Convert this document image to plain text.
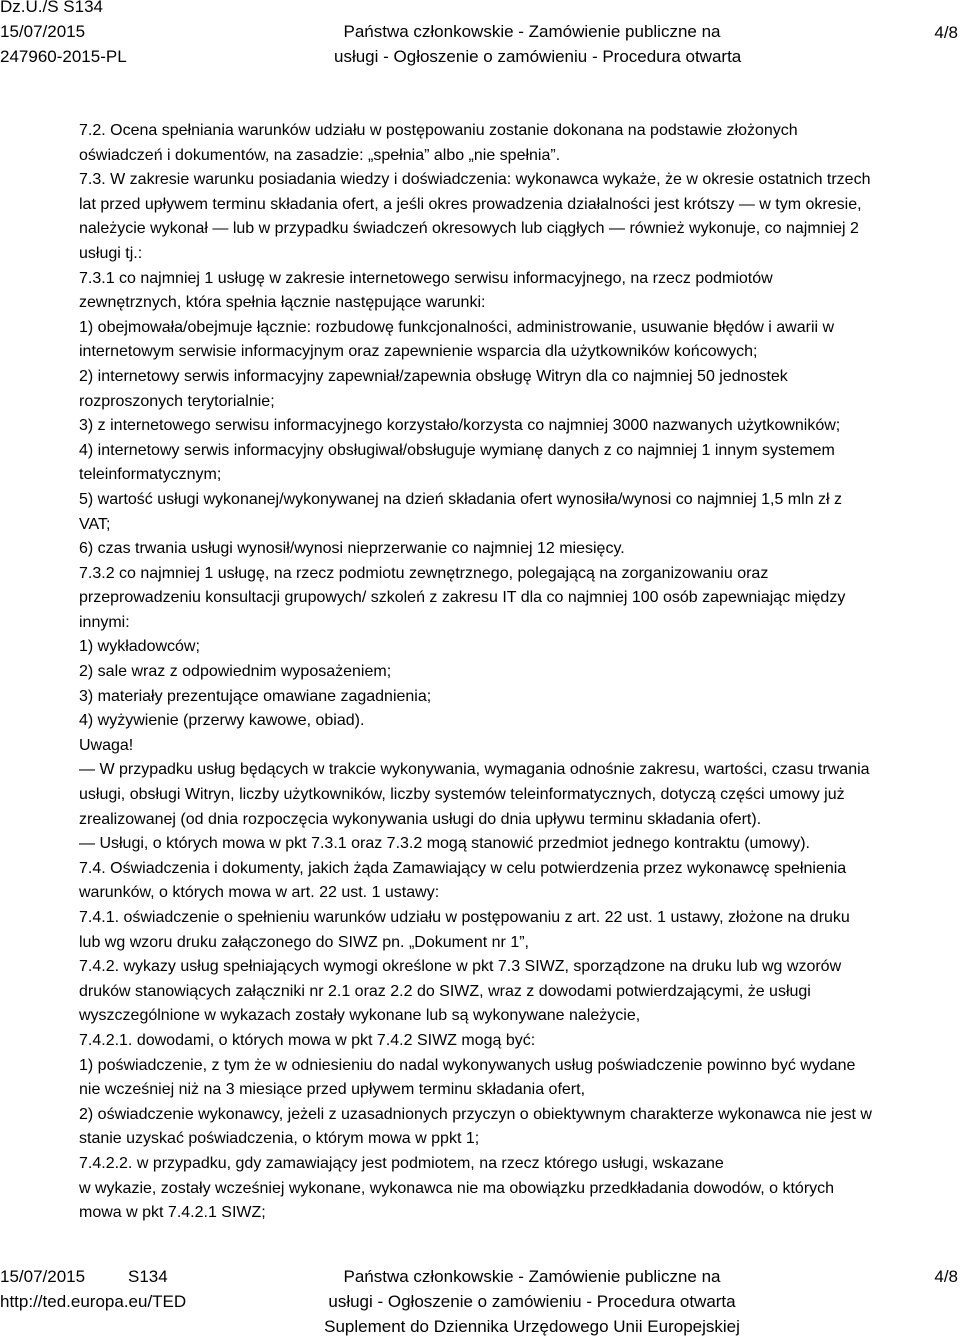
Dz.U./S S134
15/07/2015
247960-2015-PL
Państwa członkowskie - Zamówienie publiczne na
usługi - Ogłoszenie o zamówieniu - Procedura otwarta
4/8

7.2. Ocena spełniania warunków udziału w postępowaniu zostanie dokonana na podstawie złożonych

oświadczeń i dokumentów, na zasadzie: „spełnia” albo „nie spełnia”.

7.3. W zakresie warunku posiadania wiedzy i doświadczenia: wykonawca wykaże, że w okresie ostatnich trzech

lat przed upływem terminu składania ofert, a jeśli okres prowadzenia działalności jest krótszy — w tym okresie,

należycie wykonał — lub w przypadku świadczeń okresowych lub ciągłych — również wykonuje, co najmniej 2

usługi tj.:

7.3.1 co najmniej 1 usługę w zakresie internetowego serwisu informacyjnego, na rzecz podmiotów

zewnętrznych, która spełnia łącznie następujące warunki:

1) obejmowała/obejmuje łącznie: rozbudowę funkcjonalności, administrowanie, usuwanie błędów i awarii w

internetowym serwisie informacyjnym oraz zapewnienie wsparcia dla użytkowników końcowych;

2) internetowy serwis informacyjny zapewniał/zapewnia obsługę Witryn dla co najmniej 50 jednostek

rozproszonych terytorialnie;

3) z internetowego serwisu informacyjnego korzystało/korzysta co najmniej 3000 nazwanych użytkowników;

4) internetowy serwis informacyjny obsługiwał/obsługuje wymianę danych z co najmniej 1 innym systemem

teleinformatycznym;

5) wartość usługi wykonanej/wykonywanej na dzień składania ofert wynosiła/wynosi co najmniej 1,5 mln zł z

VAT;

6) czas trwania usługi wynosił/wynosi nieprzerwanie co najmniej 12 miesięcy.

7.3.2 co najmniej 1 usługę, na rzecz podmiotu zewnętrznego, polegającą na zorganizowaniu oraz

przeprowadzeniu konsultacji grupowych/ szkoleń z zakresu IT dla co najmniej 100 osób zapewniając między

innymi:

1) wykładowców;

2) sale wraz z odpowiednim wyposażeniem;

3) materiały prezentujące omawiane zagadnienia;

4) wyżywienie (przerwy kawowe, obiad).

Uwaga!

— W przypadku usług będących w trakcie wykonywania, wymagania odnośnie zakresu, wartości, czasu trwania

usługi, obsługi Witryn, liczby użytkowników, liczby systemów teleinformatycznych, dotyczą części umowy już

zrealizowanej (od dnia rozpoczęcia wykonywania usługi do dnia upływu terminu składania ofert).

— Usługi, o których mowa w pkt 7.3.1 oraz 7.3.2 mogą stanowić przedmiot jednego kontraktu (umowy).

7.4. Oświadczenia i dokumenty, jakich żąda Zamawiający w celu potwierdzenia przez wykonawcę spełnienia

warunków, o których mowa w art. 22 ust. 1 ustawy:

7.4.1. oświadczenie o spełnieniu warunków udziału w postępowaniu z art. 22 ust. 1 ustawy, złożone na druku

lub wg wzoru druku załączonego do SIWZ pn. „Dokument nr 1”,

7.4.2. wykazy usług spełniających wymogi określone w pkt 7.3 SIWZ, sporządzone na druku lub wg wzorów

druków stanowiących załączniki nr 2.1 oraz 2.2 do SIWZ, wraz z dowodami potwierdzającymi, że usługi

wyszczególnione w wykazach zostały wykonane lub są wykonywane należycie,

7.4.2.1. dowodami, o których mowa w pkt 7.4.2 SIWZ mogą być:

1) poświadczenie, z tym że w odniesieniu do nadal wykonywanych usług poświadczenie powinno być wydane

nie wcześniej niż na 3 miesiące przed upływem terminu składania ofert,

2) oświadczenie wykonawcy, jeżeli z uzasadnionych przyczyn o obiektywnym charakterze wykonawca nie jest w

stanie uzyskać poświadczenia, o którym mowa w ppkt 1;

7.4.2.2. w przypadku, gdy zamawiający jest podmiotem, na rzecz którego usługi, wskazane

w wykazie, zostały wcześniej wykonane, wykonawca nie ma obowiązku przedkładania dowodów, o których

mowa w pkt 7.4.2.1 SIWZ;

15/07/2015	S134
http://ted.europa.eu/TED
Państwa członkowskie - Zamówienie publiczne na
usługi - Ogłoszenie o zamówieniu - Procedura otwarta
Suplement do Dziennika Urzędowego Unii Europejskiej
4/8
